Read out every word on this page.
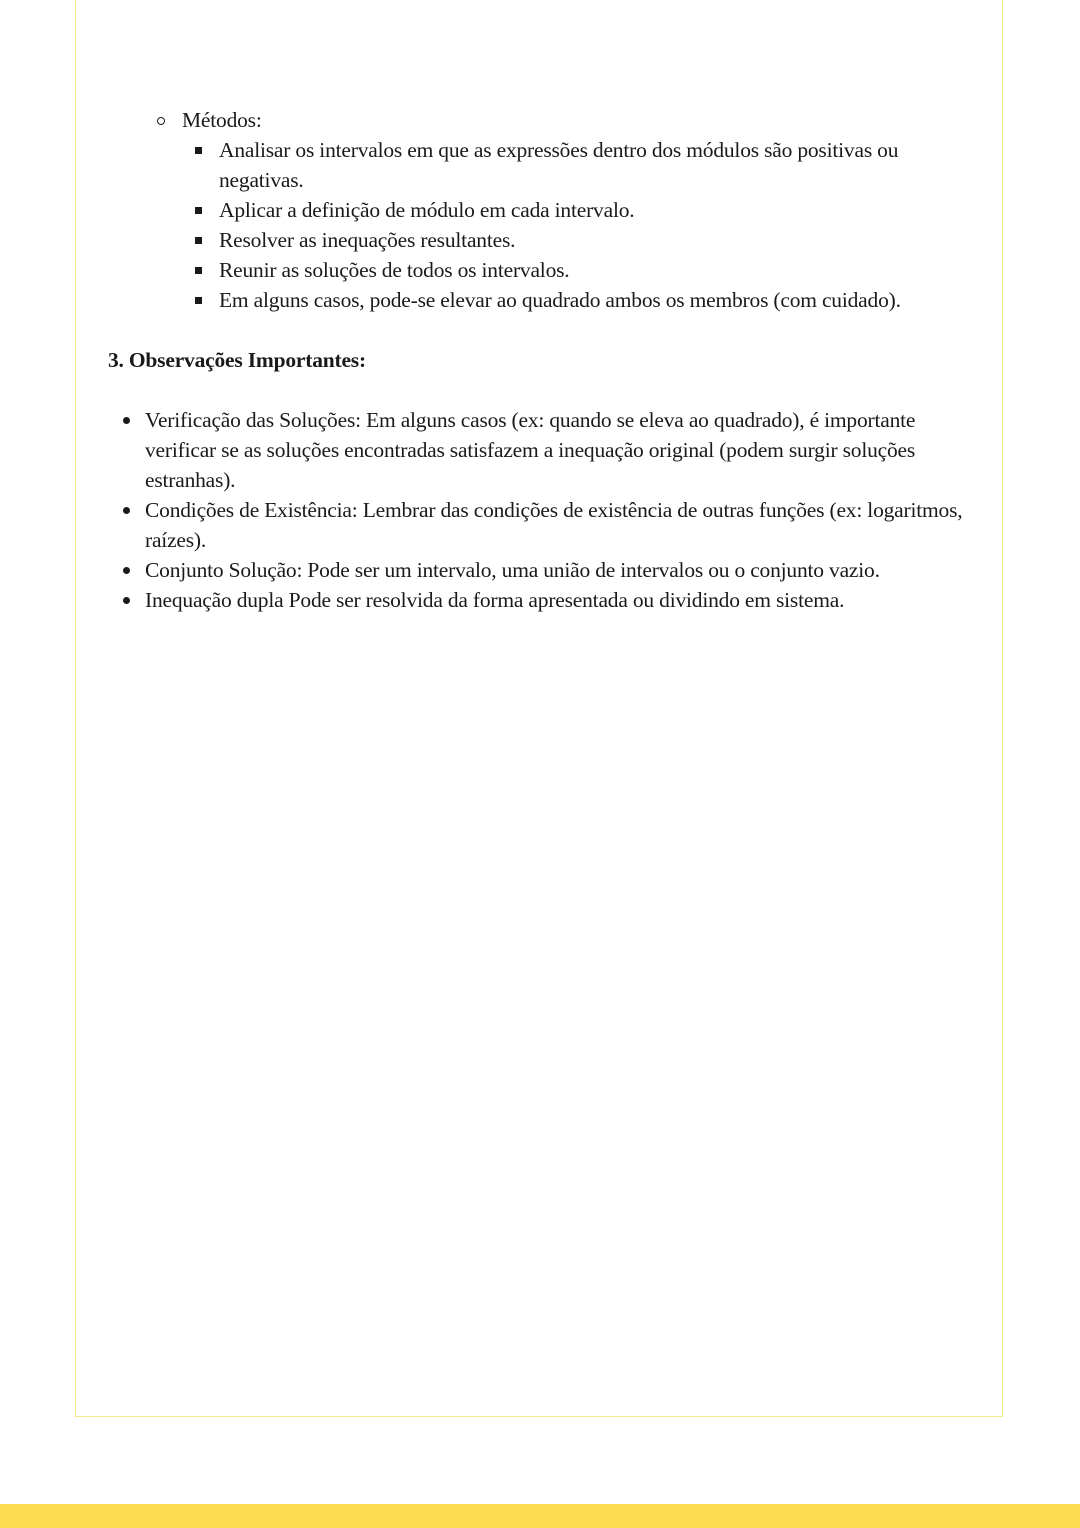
Métodos:
Analisar os intervalos em que as expressões dentro dos módulos são positivas ou negativas.
Aplicar a definição de módulo em cada intervalo.
Resolver as inequações resultantes.
Reunir as soluções de todos os intervalos.
Em alguns casos, pode-se elevar ao quadrado ambos os membros (com cuidado).
3. Observações Importantes:
Verificação das Soluções: Em alguns casos (ex: quando se eleva ao quadrado), é importante verificar se as soluções encontradas satisfazem a inequação original (podem surgir soluções estranhas).
Condições de Existência: Lembrar das condições de existência de outras funções (ex: logaritmos, raízes).
Conjunto Solução: Pode ser um intervalo, uma união de intervalos ou o conjunto vazio.
Inequação dupla Pode ser resolvida da forma apresentada ou dividindo em sistema.
